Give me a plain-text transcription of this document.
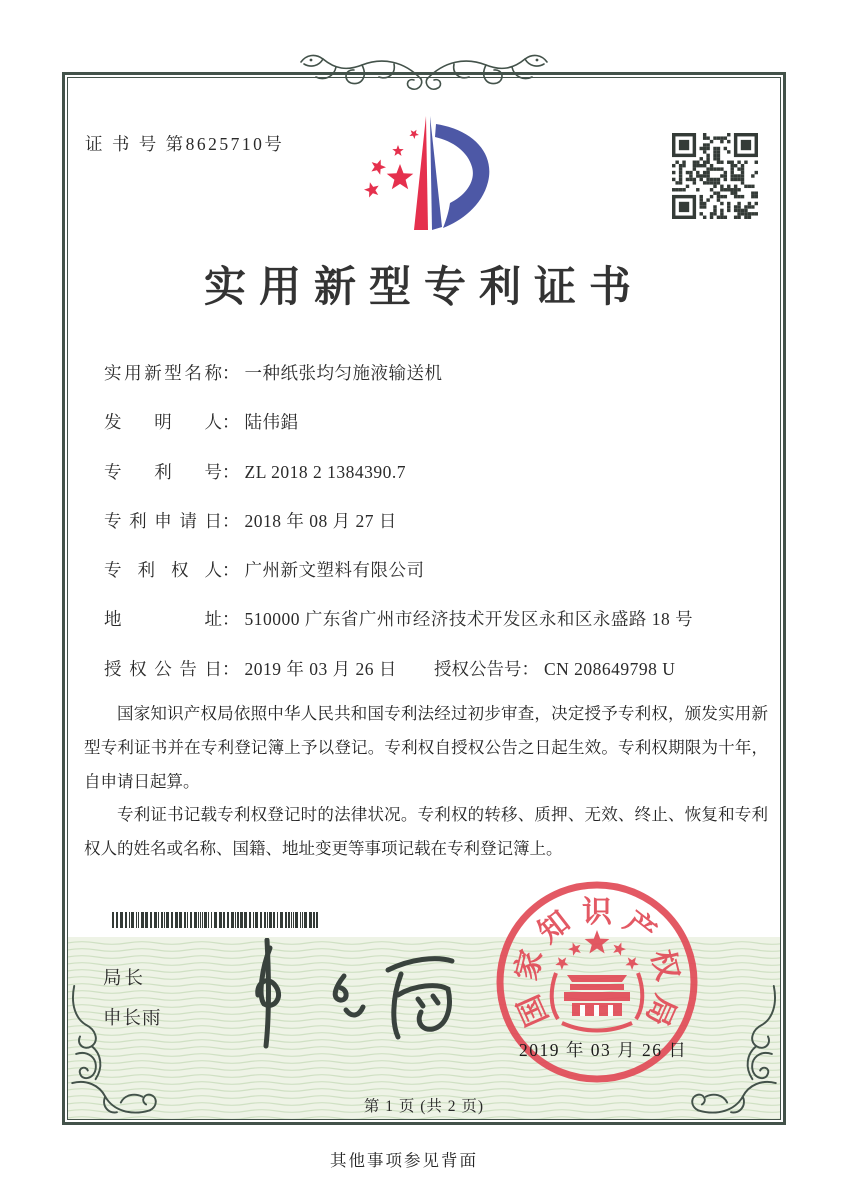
证 书 号 第8625710号
实用新型专利证书
实用新型名称： 一种纸张均匀施液输送机
发明人： 陆伟錩
专利号： ZL 2018 2 1384390.7
专利申请日： 2018 年 08 月 27 日
专利权人： 广州新文塑料有限公司
地址： 510000 广东省广州市经济技术开发区永和区永盛路 18 号
授权公告日： 2019 年 03 月 26 日 授权公告号： CN 208649798 U

国家知识产权局依照中华人民共和国专利法经过初步审查，决定授予专利权，颁发实用新型专利证书并在专利登记簿上予以登记。专利权自授权公告之日起生效。专利权期限为十年，自申请日起算。

专利证书记载专利权登记时的法律状况。专利权的转移、质押、无效、终止、恢复和专利权人的姓名或名称、国籍、地址变更等事项记载在专利登记簿上。

局长
申长雨	国
家
知 识 产
权
局
2019 年 03 月 26 日
第 1 页 (共 2 页)
其他事项参见背面
